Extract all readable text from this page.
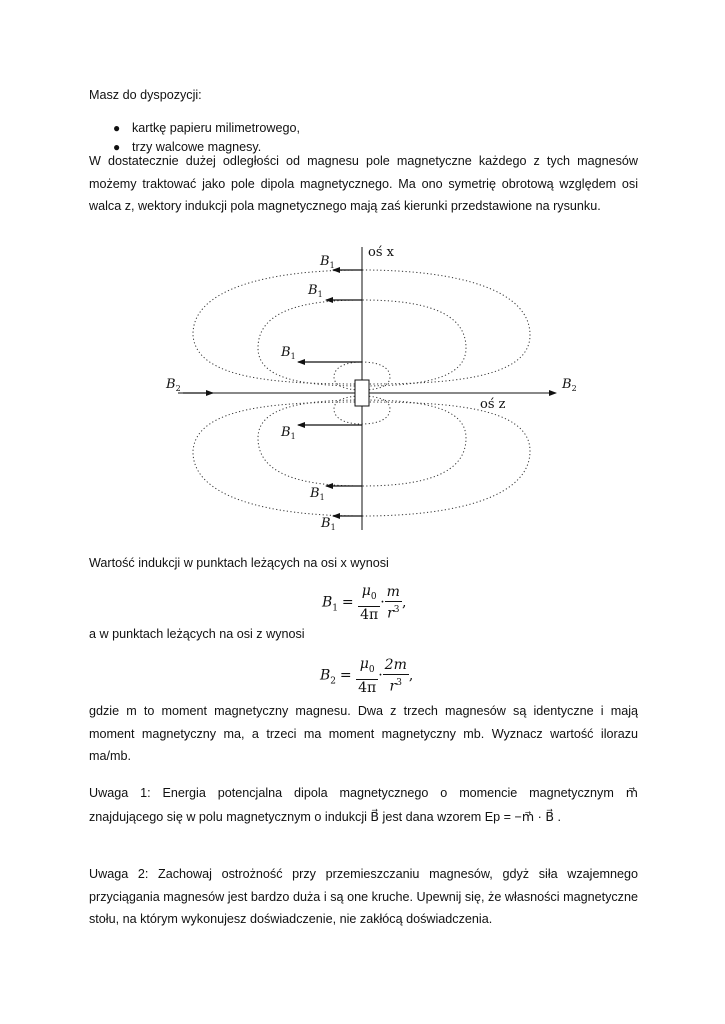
Masz do dyspozycji:
● kartkę papieru milimetrowego,
● trzy walcowe magnesy.
W dostatecznie dużej odległości od magnesu pole magnetyczne każdego z tych magnesów możemy traktować jako pole dipola magnetycznego. Ma ono symetrię obrotową względem osi walca z, wektory indukcji pola magnetycznego mają zaś kierunki przedstawione na rysunku.
oś x
oś z
$B_1$
$B_1$
$B_1$
$B_1$
$B_1$
$B_1$
$B_2$	$B_2$
Wartość indukcji w punktach leżących na osi x wynosi
$B_1 = \frac{\mu_0}{4\pi} \cdot \frac{m}{r^3}$ ,
a w punktach leżących na osi z wynosi
$B_2 = \frac{\mu_0}{4\pi} \cdot \frac{2m}{r^3}$ ,
gdzie m to moment magnetyczny magnesu. Dwa z trzech magnesów są identyczne i mają moment magnetyczny ma, a trzeci ma moment magnetyczny mb. Wyznacz wartość ilorazu ma/mb.
Uwaga 1: Energia potencjalna dipola magnetycznego o momencie magnetycznym m⃗ znajdującego się w polu magnetycznym o indukcji B⃗ jest dana wzorem Ep = −m⃗ · B⃗ .
Uwaga 2: Zachowaj ostrożność przy przemieszczaniu magnesów, gdyż siła wzajemnego przyciągania magnesów jest bardzo duża i są one kruche. Upewnij się, że własności magnetyczne stołu, na którym wykonujesz doświadczenie, nie zakłócą doświadczenia.
